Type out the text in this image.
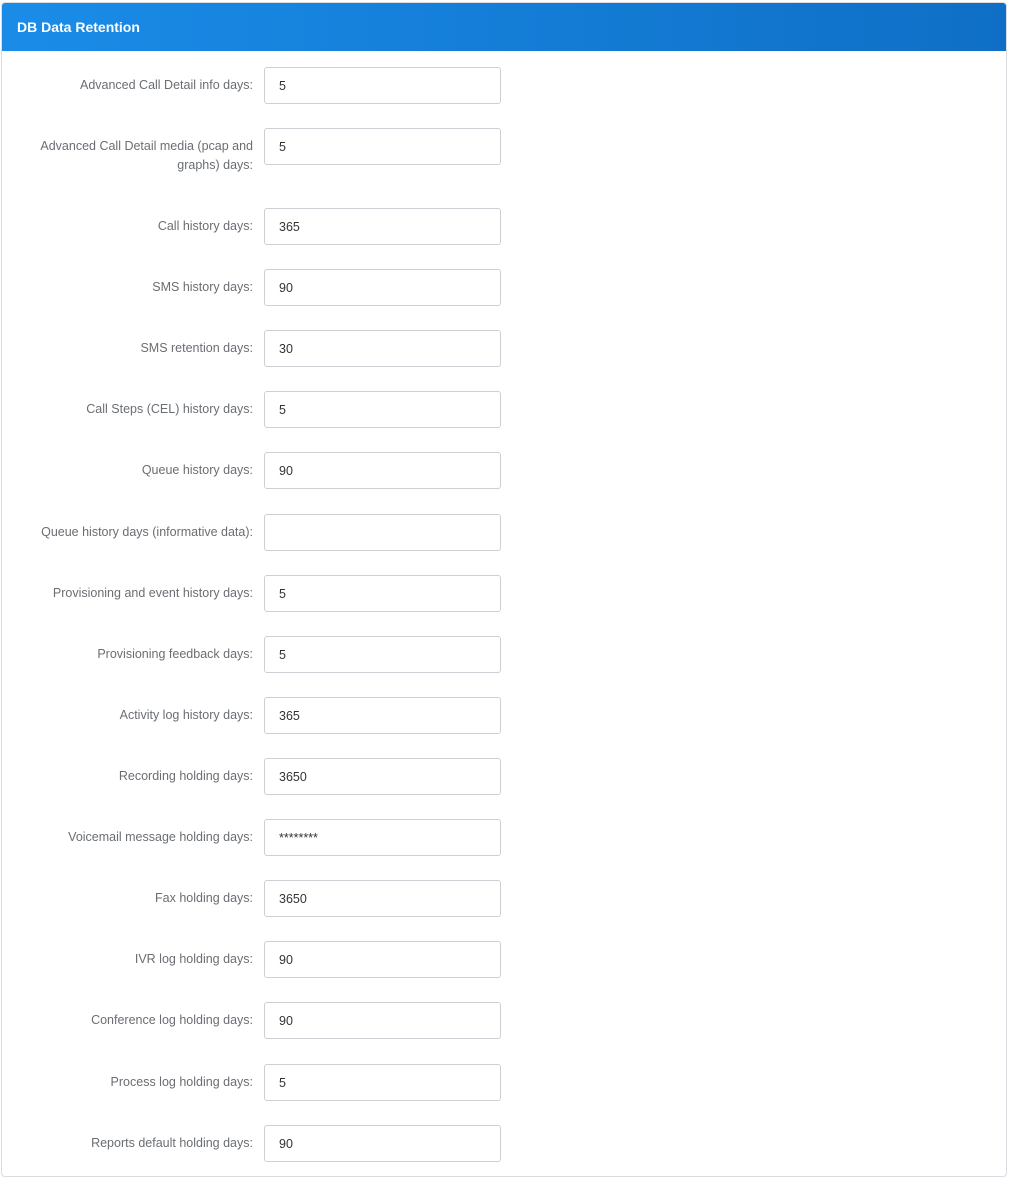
DB Data Retention
Advanced Call Detail info days:
5
Advanced Call Detail media (pcap and graphs) days:
5
Call history days:
365
SMS history days:
90
SMS retention days:
30
Call Steps (CEL) history days:
5
Queue history days:
90
Queue history days (informative data):
Provisioning and event history days:
5
Provisioning feedback days:
5
Activity log history days:
365
Recording holding days:
3650
Voicemail message holding days:
********
Fax holding days:
3650
IVR log holding days:
90
Conference log holding days:
90
Process log holding days:
5
Reports default holding days:
90
